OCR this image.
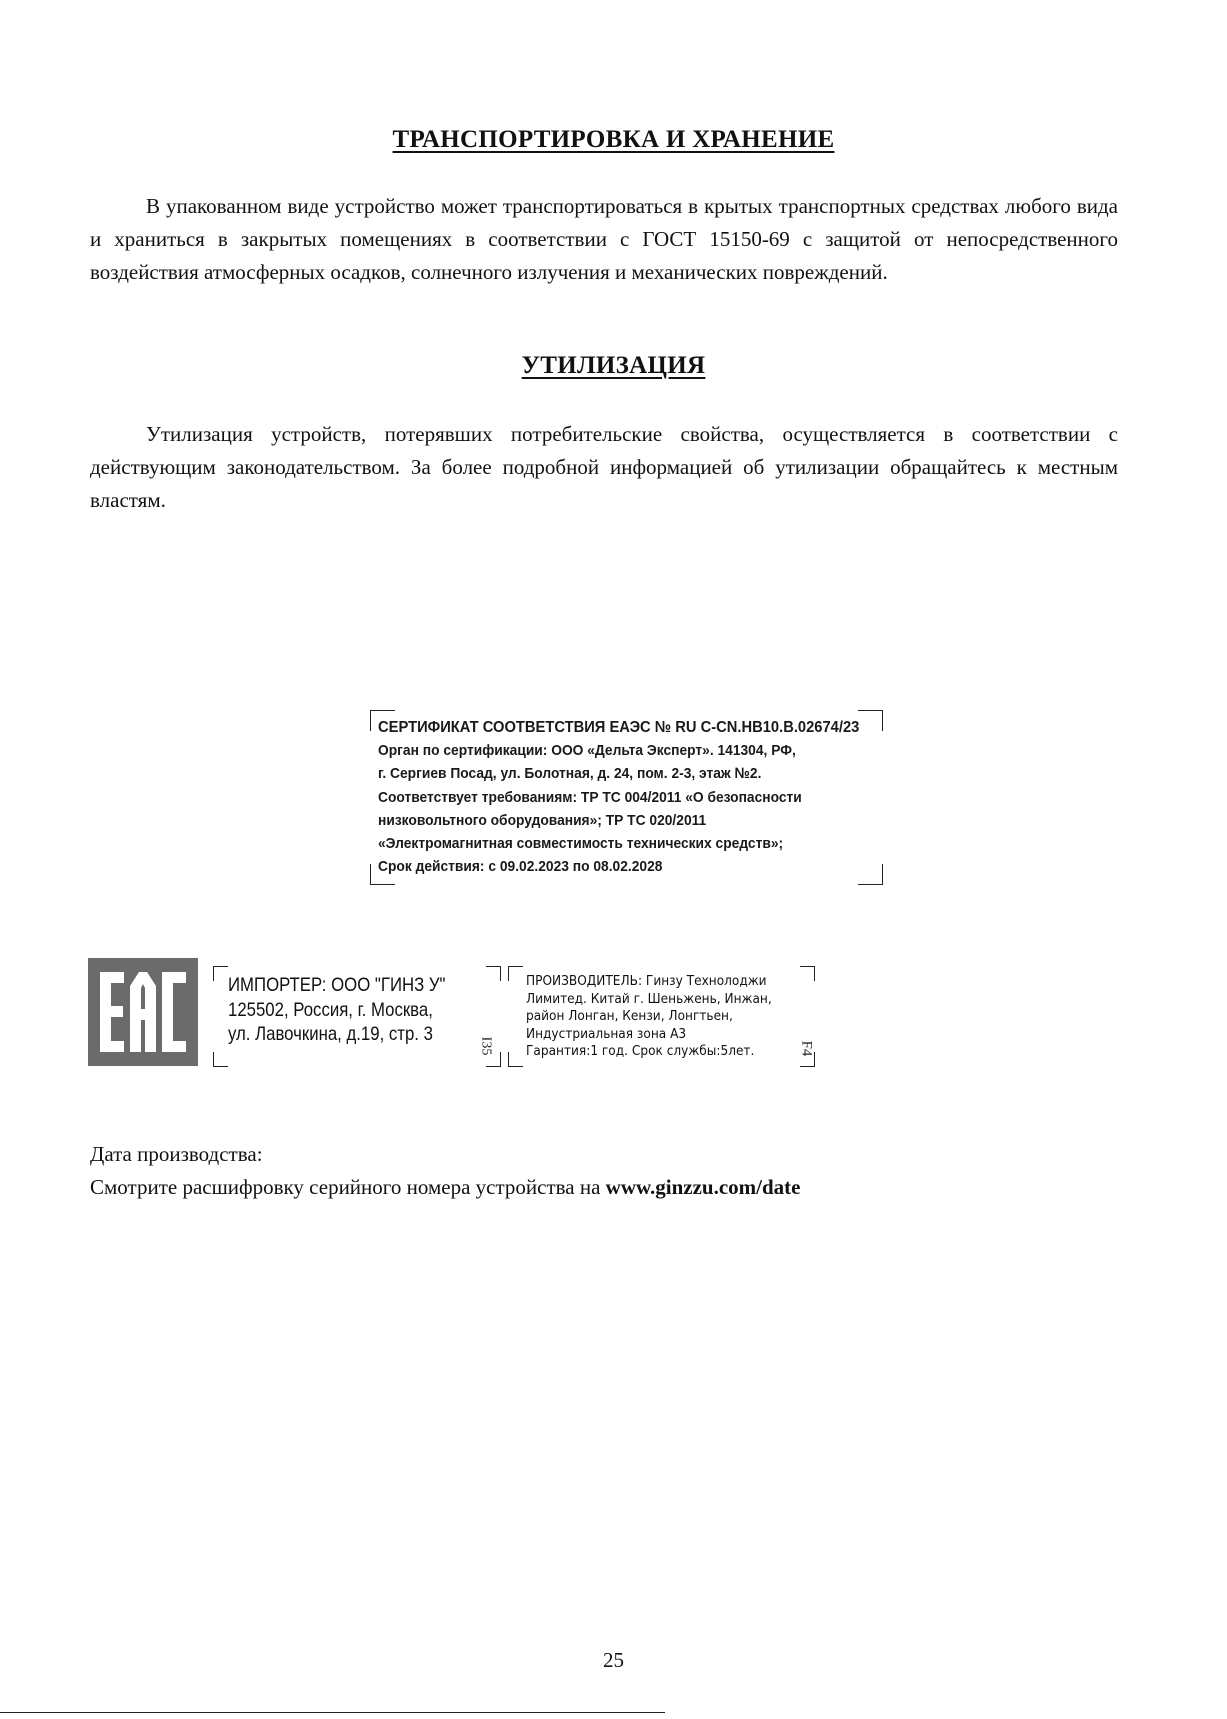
ТРАНСПОРТИРОВКА И ХРАНЕНИЕ

В упакованном виде устройство может транспортироваться в крытых транспортных средствах любого вида и храниться в закрытых помещениях в соответствии с ГОСТ 15150-69 с защитой от непосредственного воздействия атмосферных осадков, солнечного излучения и механических повреждений.

УТИЛИЗАЦИЯ

Утилизация устройств, потерявших потребительские свойства, осуществляется в соответствии с действующим законодательством. За более подробной информацией об утилизации обращайтесь к местным властям.

СЕРТИФИКАТ СООТВЕТСТВИЯ ЕАЭС № RU C-CN.HB10.B.02674/23
Орган по сертификации: ООО «Дельта Эксперт». 141304, РФ,
г. Сергиев Посад, ул. Болотная, д. 24, пом. 2-3, этаж №2.
Соответствует требованиям: ТР ТС 004/2011 «О безопасности
низковольтного оборудования»; ТР ТС 020/2011
«Электромагнитная совместимость технических средств»;
Срок действия: с 09.02.2023 по 08.02.2028
ИМПОРТЕР: ООО "ГИНЗ У"
125502, Россия, г. Москва,
ул. Лавочкина, д.19, стр. 3
I35
ПРОИЗВОДИТЕЛЬ: Гинзу Технолоджи
Лимитед. Китай г. Шеньжень, Инжан,
район Лонган, Кензи, Лонгтьен,
Индустриальная зона А3
Гарантия:1 год. Срок службы:5лет.	F4

Дата производства:

Смотрите расшифровку серийного номера устройства на www.ginzzu.com/date

25
